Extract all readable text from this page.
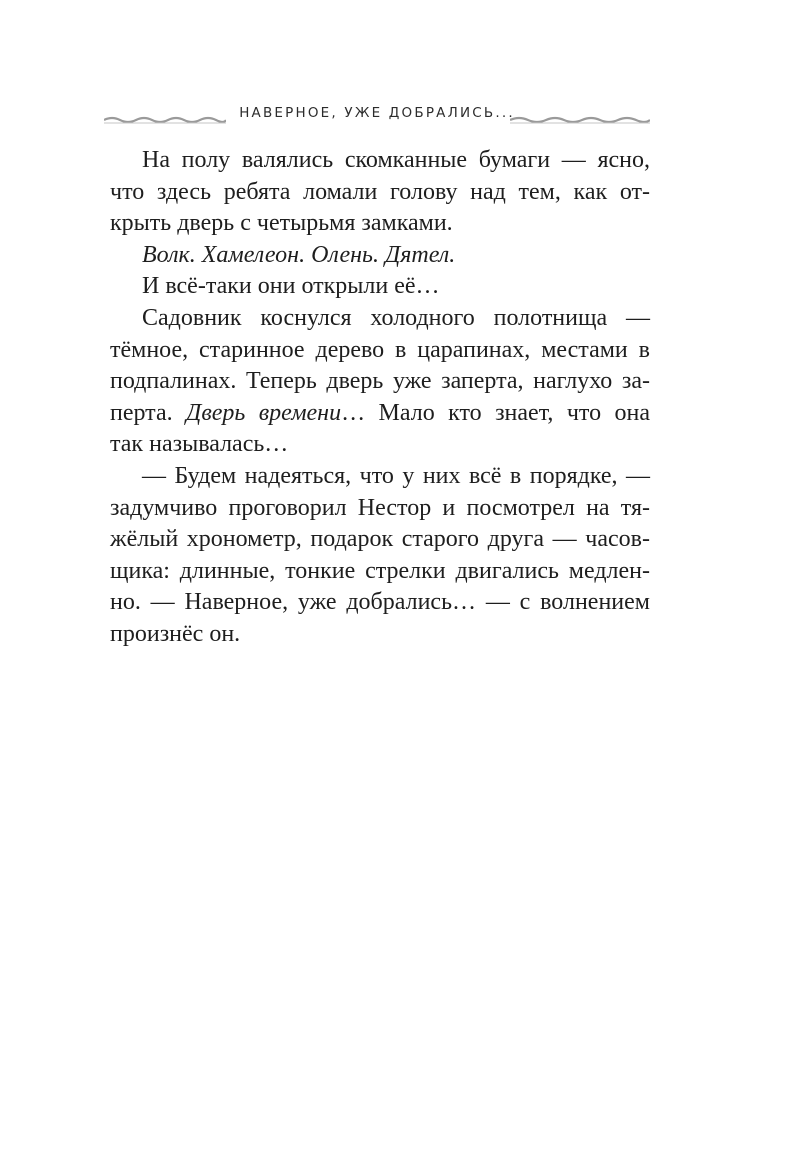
НАВЕРНОЕ, УЖЕ ДОБРАЛИСЬ...
На полу валялись скомканные бумаги — ясно,
что здесь ребята ломали голову над тем, как от-
крыть дверь с четырьмя замками.
Волк. Хамелеон. Олень. Дятел.
И всё-таки они открыли её…
Садовник коснулся холодного полотнища —
тёмное, старинное дерево в царапинах, местами в
подпалинах. Теперь дверь уже заперта, наглухо за-
перта. Дверь времени… Мало кто знает, что она
так называлась…
— Будем надеяться, что у них всё в порядке, —
задумчиво проговорил Нестор и посмотрел на тя-
жёлый хронометр, подарок старого друга — часов-
щика: длинные, тонкие стрелки двигались медлен-
но. — Наверное, уже добрались… — с волнением
произнёс он.
